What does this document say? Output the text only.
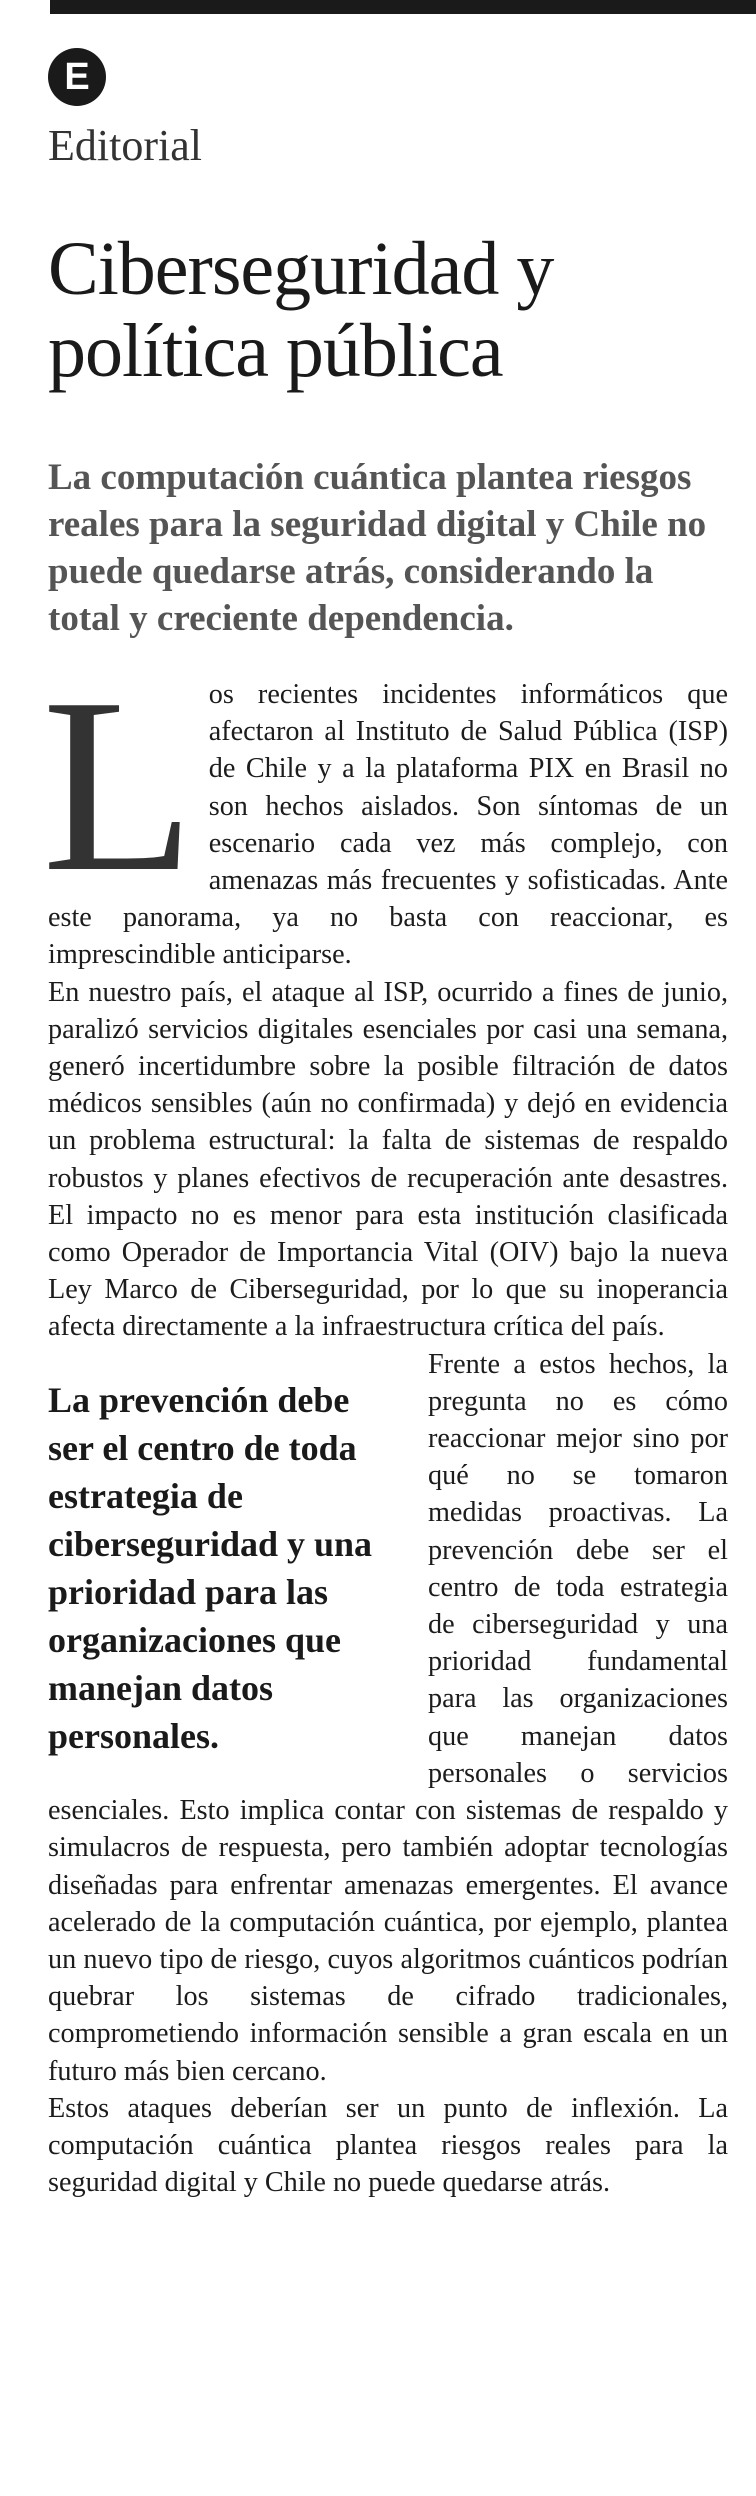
E
Editorial
Ciberseguridad y política pública

La computación cuántica plantea riesgos reales para la seguridad digital y Chile no puede quedarse atrás, considerando la total y creciente dependencia.

Los recientes incidentes informáticos que afectaron al Instituto de Salud Pública (ISP) de Chile y a la plataforma PIX en Brasil no son hechos aislados. Son síntomas de un escenario cada vez más complejo, con amenazas más frecuentes y sofisticadas. Ante este panorama, ya no basta con reaccionar, es imprescindible anticiparse.

En nuestro país, el ataque al ISP, ocurrido a fines de junio, paralizó servicios digitales esenciales por casi una semana, generó incertidumbre sobre la posible filtración de datos médicos sensibles (aún no confirmada) y dejó en evidencia un problema estructural: la falta de sistemas de respaldo robustos y planes efectivos de recuperación ante desastres. El impacto no es menor para esta institución clasificada como Operador de Importancia Vital (OIV) bajo la nueva Ley Marco de Ciberseguridad, por lo que su inoperancia afecta directamente a la infraestructura crítica del país.

La prevención debe ser el centro de toda estrategia de ciberseguridad y una prioridad para las organizaciones que manejan datos personales.

Frente a estos hechos, la pregunta no es cómo reaccionar mejor sino por qué no se tomaron medidas proactivas. La prevención debe ser el centro de toda estrategia de ciberseguridad y una prioridad fundamental para las organizaciones que manejan datos personales o servicios esenciales. Esto implica contar con sistemas de respaldo y simulacros de respuesta, pero también adoptar tecnologías diseñadas para enfrentar amenazas emergentes. El avance acelerado de la computación cuántica, por ejemplo, plantea un nuevo tipo de riesgo, cuyos algoritmos cuánticos podrían quebrar los sistemas de cifrado tradicionales, comprometiendo información sensible a gran escala en un futuro más bien cercano.

Estos ataques deberían ser un punto de inflexión. La computación cuántica plantea riesgos reales para la seguridad digital y Chile no puede quedarse atrás.
